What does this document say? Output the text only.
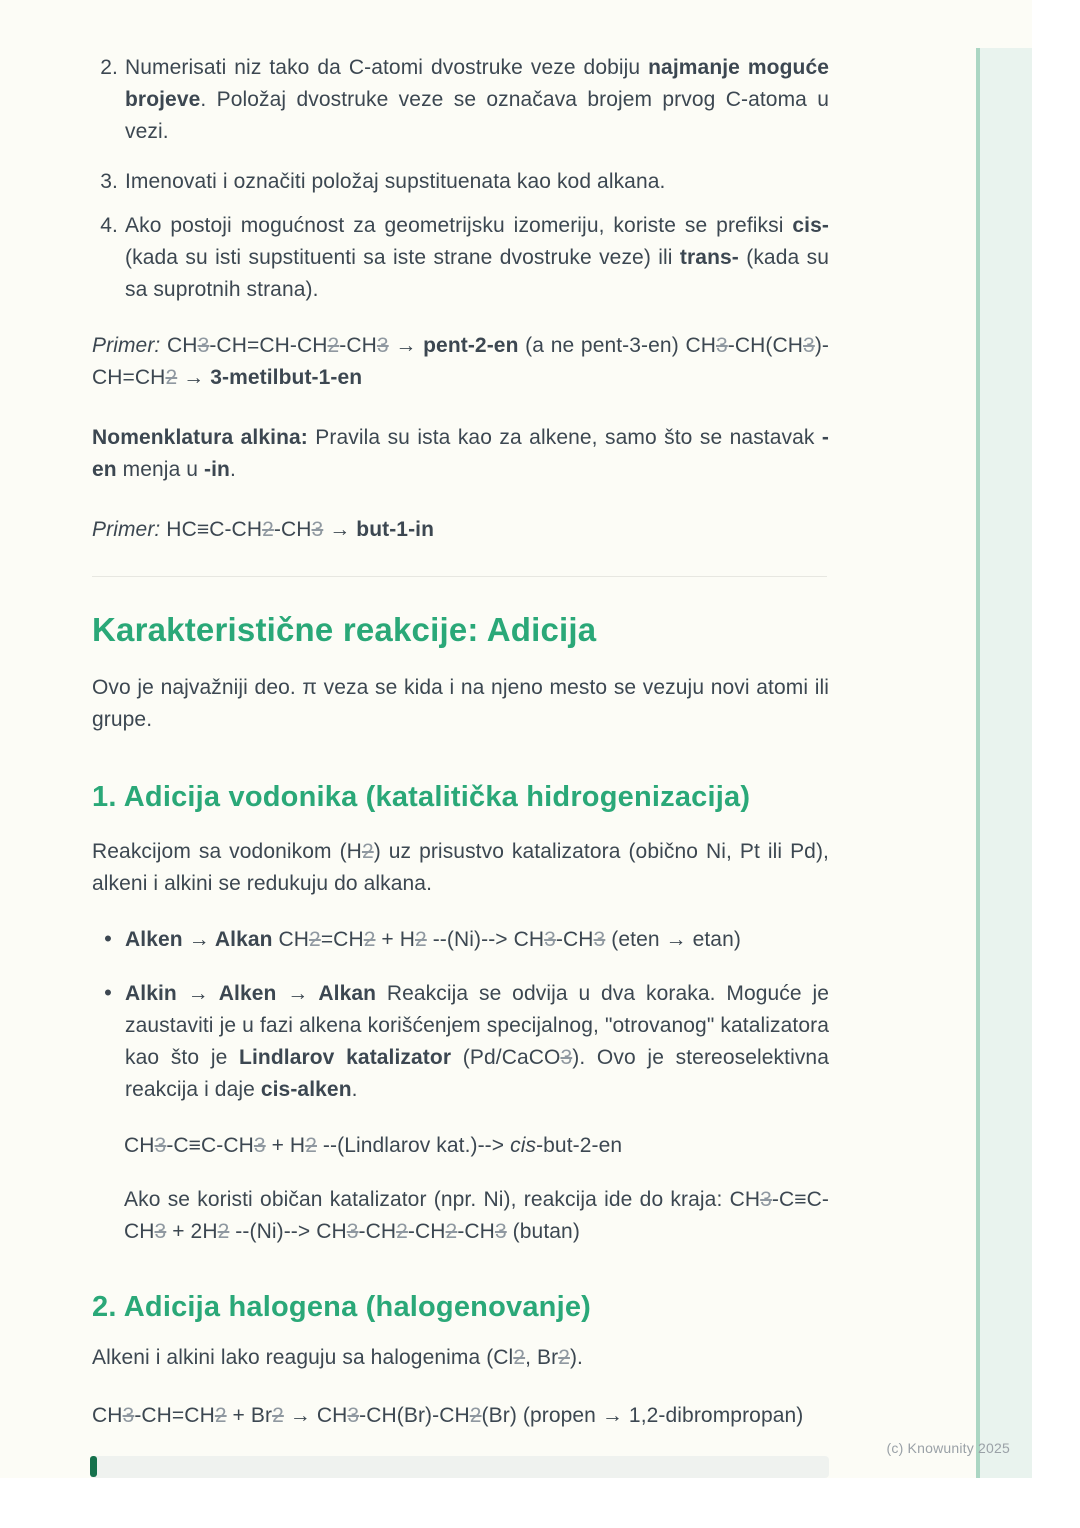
2. Numerisati niz tako da C-atomi dvostruke veze dobiju najmanje moguće brojeve. Položaj dvostruke veze se označava brojem prvog C-atoma u vezi.
3. Imenovati i označiti položaj supstituenata kao kod alkana.
4. Ako postoji mogućnost za geometrijsku izomeriju, koriste se prefiksi cis- (kada su isti supstituenti sa iste strane dvostruke veze) ili trans- (kada su sa suprotnih strana).
Primer: CH3-CH=CH-CH2-CH3 → pent-2-en (a ne pent-3-en) CH3-CH(CH3)-CH=CH2 → 3-metilbut-1-en
Nomenklatura alkina: Pravila su ista kao za alkene, samo što se nastavak -en menja u -in.
Primer: HC≡C-CH2-CH3 → but-1-in
Karakteristične reakcije: Adicija
Ovo je najvažniji deo. π veza se kida i na njeno mesto se vezuju novi atomi ili grupe.
1. Adicija vodonika (katalitička hidrogenizacija)
Reakcijom sa vodonikom (H2) uz prisustvo katalizatora (obično Ni, Pt ili Pd), alkeni i alkini se redukuju do alkana.
• Alken → Alkan CH2=CH2 + H2 --(Ni)--> CH3-CH3 (eten → etan)
• Alkin → Alken → Alkan Reakcija se odvija u dva koraka. Moguće je zaustaviti je u fazi alkena korišćenjem specijalnog, "otrovanog" katalizatora kao što je Lindlarov katalizator (Pd/CaCO3). Ovo je stereoselektivna reakcija i daje cis-alken.
CH3-C≡C-CH3 + H2 --(Lindlarov kat.)--> cis-but-2-en
Ako se koristi običan katalizator (npr. Ni), reakcija ide do kraja: CH3-C≡C-CH3 + 2H2 --(Ni)--> CH3-CH2-CH2-CH3 (butan)
2. Adicija halogena (halogenovanje)
Alkeni i alkini lako reaguju sa halogenima (Cl2, Br2).
CH3-CH=CH2 + Br2 → CH3-CH(Br)-CH2(Br) (propen → 1,2-dibrompropan)
(c) Knowunity 2025
